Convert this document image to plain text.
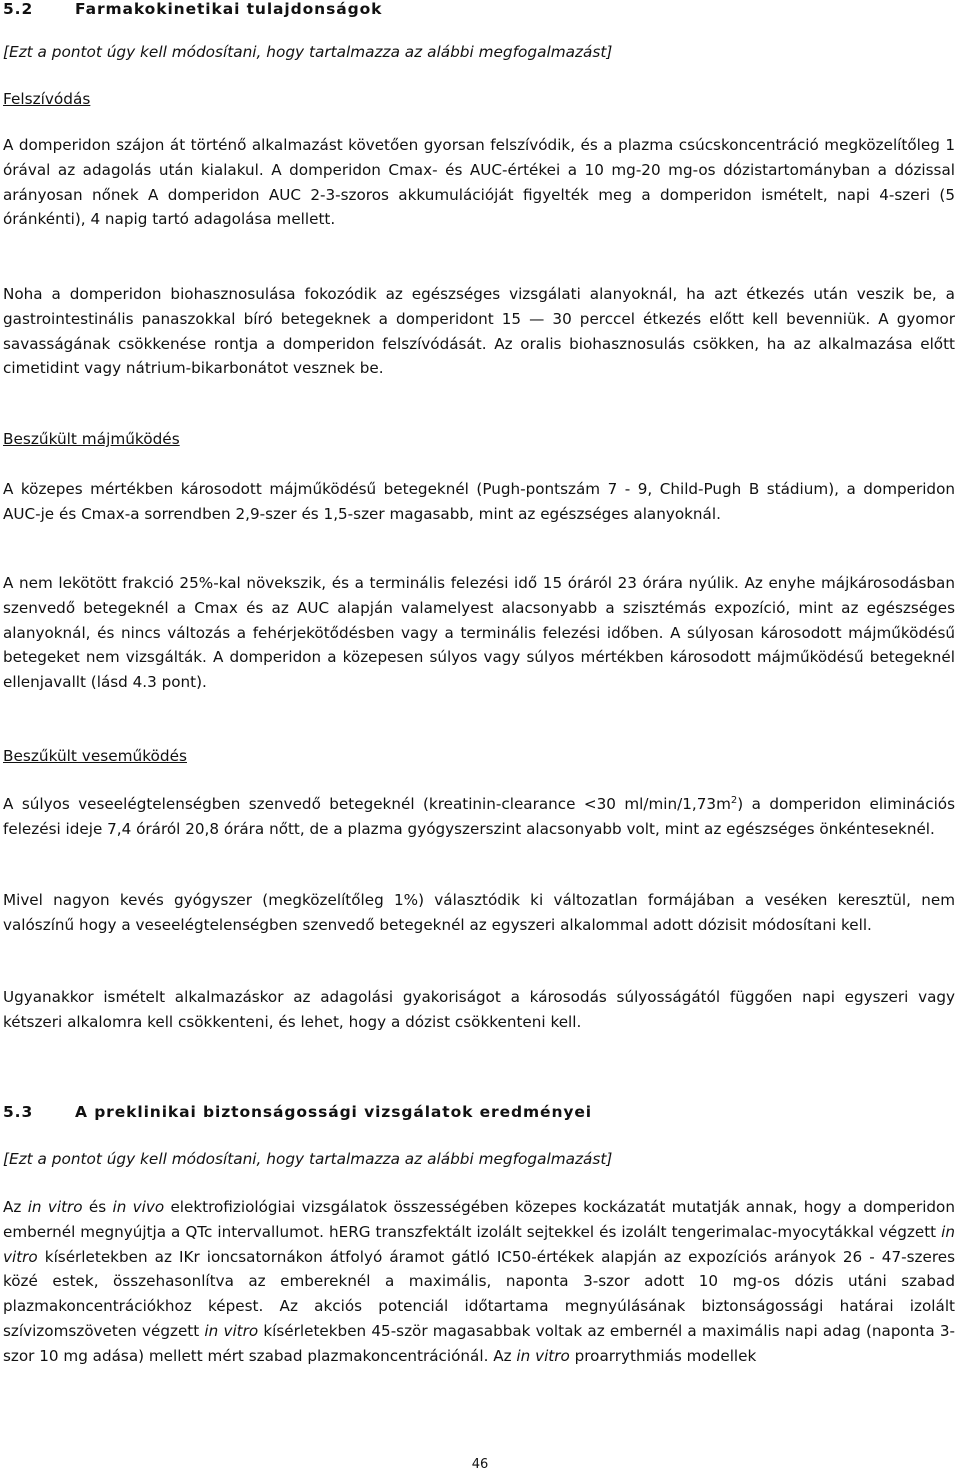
5.2	Farmakokinetikai tulajdonságok
[Ezt a pontot úgy kell módosítani, hogy tartalmazza az alábbi megfogalmazást]
Felszívódás

A domperidon szájon át történő alkalmazást követően gyorsan felszívódik, és a plazma csúcskoncentráció megközelítőleg 1 órával az adagolás után kialakul. A domperidon Cmax- és AUC-értékei a 10 mg-20 mg-os dózistartományban a dózissal arányosan nőnek A domperidon AUC 2-3-szoros akkumulációját figyelték meg a domperidon ismételt, napi 4-szeri (5 óránkénti), 4 napig tartó adagolása mellett.

Noha a domperidon biohasznosulása fokozódik az egészséges vizsgálati alanyoknál, ha azt étkezés után veszik be, a gastrointestinális panaszokkal bíró betegeknek a domperidont 15 — 30 perccel étkezés előtt kell bevenniük. A gyomor savasságának csökkenése rontja a domperidon felszívódását. Az oralis biohasznosulás csökken, ha az alkalmazása előtt cimetidint vagy nátrium-bikarbonátot vesznek be.

Beszűkült májműködés

A közepes mértékben károsodott májműködésű betegeknél (Pugh-pontszám 7 - 9, Child-Pugh B stádium), a domperidon AUC-je és Cmax-a sorrendben 2,9-szer és 1,5-szer magasabb, mint az egészséges alanyoknál.

A nem lekötött frakció 25%-kal növekszik, és a terminális felezési idő 15 óráról 23 órára nyúlik. Az enyhe májkárosodásban szenvedő betegeknél a Cmax és az AUC alapján valamelyest alacsonyabb a szisztémás expozíció, mint az egészséges alanyoknál, és nincs változás a fehérjekötődésben vagy a terminális felezési időben. A súlyosan károsodott májműködésű betegeket nem vizsgálták. A domperidon a közepesen súlyos vagy súlyos mértékben károsodott májműködésű betegeknél ellenjavallt (lásd 4.3 pont).

Beszűkült veseműködés

A súlyos veseelégtelenségben szenvedő betegeknél (kreatinin-clearance <30 $ml/\min/1,73m^2$) a domperidon eliminációs felezési ideje 7,4 óráról 20,8 órára nőtt, de a plazma gyógyszerszint alacsonyabb volt, mint az egészséges önkénteseknél.

Mivel nagyon kevés gyógyszer (megközelítőleg 1%) választódik ki változatlan formájában a veséken keresztül, nem valószínű hogy a veseelégtelenségben szenvedő betegeknél az egyszeri alkalommal adott dózisit módosítani kell.

Ugyanakkor ismételt alkalmazáskor az adagolási gyakoriságot a károsodás súlyosságától függően napi egyszeri vagy kétszeri alkalomra kell csökkenteni, és lehet, hogy a dózist csökkenteni kell.

5.3	A preklinikai biztonságossági vizsgálatok eredményei
[Ezt a pontot úgy kell módosítani, hogy tartalmazza az alábbi megfogalmazást]

Az in vitro és in vivo elektrofiziológiai vizsgálatok összességében közepes kockázatát mutatják annak, hogy a domperidon embernél megnyújtja a QTc intervallumot. hERG transzfektált izolált sejtekkel és izolált tengerimalac-myocytákkal végzett in vitro kísérletekben az IKr ioncsatornákon átfolyó áramot gátló IC50-értékek alapján az expozíciós arányok 26 - 47-szeres közé estek, összehasonlítva az embereknél a maximális, naponta 3-szor adott 10 mg-os dózis utáni szabad plazmakoncentrációkhoz képest. Az akciós potenciál időtartama megnyúlásának biztonságossági határai izolált szívizomszöveten végzett in vitro kísérletekben 45-ször magasabbak voltak az embernél a maximális napi adag (naponta 3-szor 10 mg adása) mellett mért szabad plazmakoncentrációnál. Az in vitro proarrythmiás modellek

46
